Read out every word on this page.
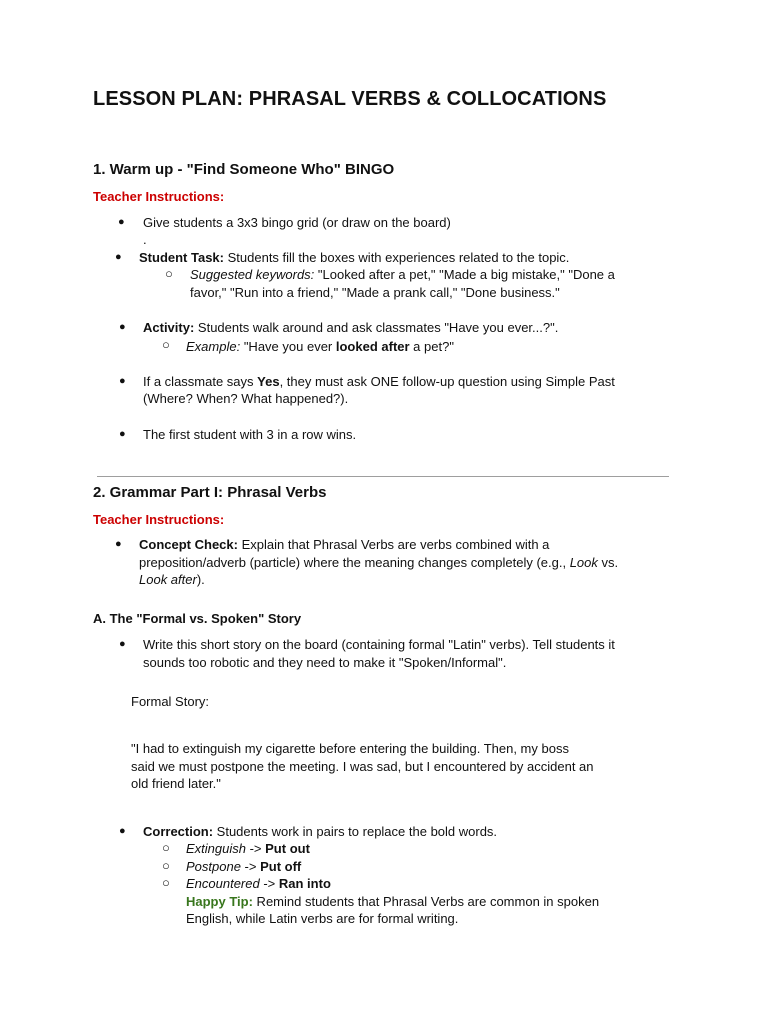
LESSON PLAN: PHRASAL VERBS & COLLOCATIONS
1. Warm up - "Find Someone Who" BINGO
Teacher Instructions:
● Give students a 3x3 bingo grid (or draw on the board)
.
● Student Task: Students fill the boxes with experiences related to the topic.
○ Suggested keywords: "Looked after a pet," "Made a big mistake," "Done a
favor," "Run into a friend," "Made a prank call," "Done business."
● Activity: Students walk around and ask classmates "Have you ever...?".
○ Example: "Have you ever looked after a pet?"
● If a classmate says Yes, they must ask ONE follow-up question using Simple Past
(Where? When? What happened?).
● The first student with 3 in a row wins.
2. Grammar Part I: Phrasal Verbs
Teacher Instructions:
● Concept Check: Explain that Phrasal Verbs are verbs combined with a
preposition/adverb (particle) where the meaning changes completely (e.g., Look vs.
Look after).
A. The "Formal vs. Spoken" Story
● Write this short story on the board (containing formal "Latin" verbs). Tell students it
sounds too robotic and they need to make it "Spoken/Informal".
Formal Story:
"I had to extinguish my cigarette before entering the building. Then, my boss
said we must postpone the meeting. I was sad, but I encountered by accident an
old friend later."
● Correction: Students work in pairs to replace the bold words.
○ Extinguish -> Put out
○ Postpone -> Put off
○ Encountered -> Ran into
Happy Tip: Remind students that Phrasal Verbs are common in spoken
English, while Latin verbs are for formal writing.
